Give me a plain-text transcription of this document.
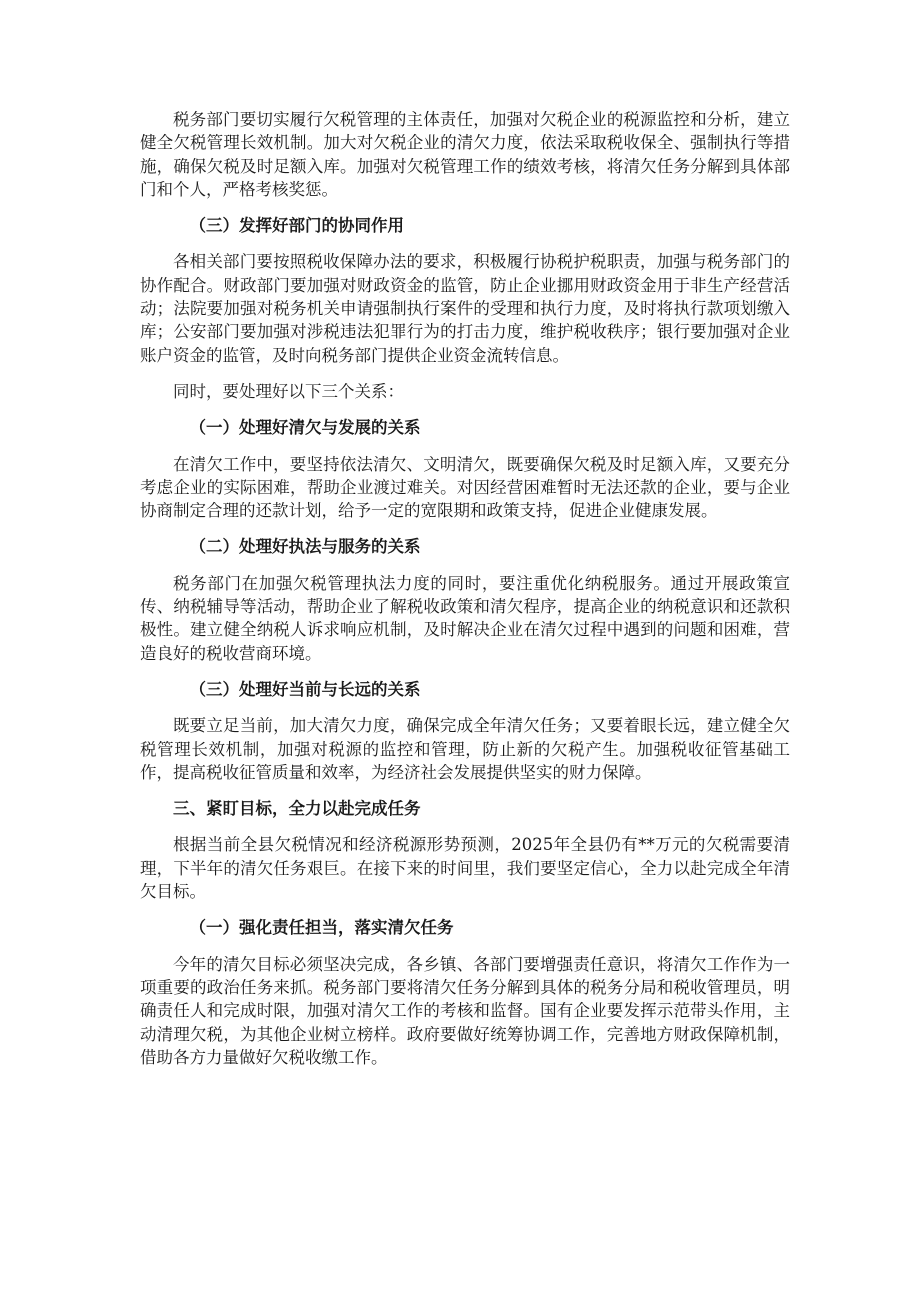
税务部门要切实履行欠税管理的主体责任，加强对欠税企业的税源监控和分析，建立健全欠税管理长效机制。加大对欠税企业的清欠力度，依法采取税收保全、强制执行等措施，确保欠税及时足额入库。加强对欠税管理工作的绩效考核，将清欠任务分解到具体部门和个人，严格考核奖惩。

（三）发挥好部门的协同作用

各相关部门要按照税收保障办法的要求，积极履行协税护税职责，加强与税务部门的协作配合。财政部门要加强对财政资金的监管，防止企业挪用财政资金用于非生产经营活动；法院要加强对税务机关申请强制执行案件的受理和执行力度，及时将执行款项划缴入库；公安部门要加强对涉税违法犯罪行为的打击力度，维护税收秩序；银行要加强对企业账户资金的监管，及时向税务部门提供企业资金流转信息。

同时，要处理好以下三个关系：

（一）处理好清欠与发展的关系

在清欠工作中，要坚持依法清欠、文明清欠，既要确保欠税及时足额入库，又要充分考虑企业的实际困难，帮助企业渡过难关。对因经营困难暂时无法还款的企业，要与企业协商制定合理的还款计划，给予一定的宽限期和政策支持，促进企业健康发展。

（二）处理好执法与服务的关系

税务部门在加强欠税管理执法力度的同时，要注重优化纳税服务。通过开展政策宣传、纳税辅导等活动，帮助企业了解税收政策和清欠程序，提高企业的纳税意识和还款积极性。建立健全纳税人诉求响应机制，及时解决企业在清欠过程中遇到的问题和困难，营造良好的税收营商环境。

（三）处理好当前与长远的关系

既要立足当前，加大清欠力度，确保完成全年清欠任务；又要着眼长远，建立健全欠税管理长效机制，加强对税源的监控和管理，防止新的欠税产生。加强税收征管基础工作，提高税收征管质量和效率，为经济社会发展提供坚实的财力保障。

三、紧盯目标，全力以赴完成任务

根据当前全县欠税情况和经济税源形势预测，2025年全县仍有**万元的欠税需要清理，下半年的清欠任务艰巨。在接下来的时间里，我们要坚定信心，全力以赴完成全年清欠目标。

（一）强化责任担当，落实清欠任务

今年的清欠目标必须坚决完成，各乡镇、各部门要增强责任意识，将清欠工作作为一项重要的政治任务来抓。税务部门要将清欠任务分解到具体的税务分局和税收管理员，明确责任人和完成时限，加强对清欠工作的考核和监督。国有企业要发挥示范带头作用，主动清理欠税，为其他企业树立榜样。政府要做好统筹协调工作，完善地方财政保障机制，借助各方力量做好欠税收缴工作。
